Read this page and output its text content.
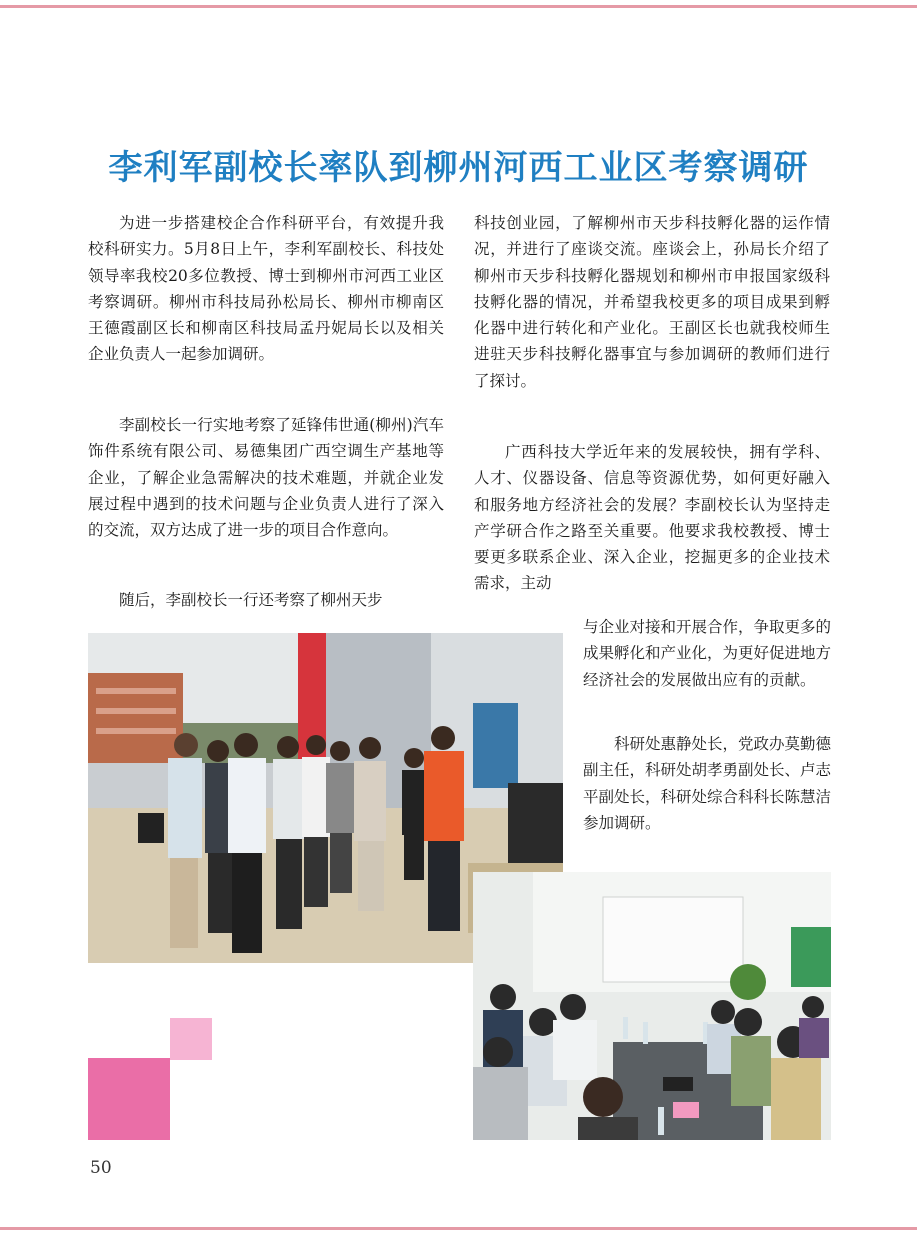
李利军副校长率队到柳州河西工业区考察调研

为进一步搭建校企合作科研平台，有效提升我校科研实力。5月8日上午，李利军副校长、科技处领导率我校20多位教授、博士到柳州市河西工业区考察调研。柳州市科技局孙松局长、柳州市柳南区王德霞副区长和柳南区科技局孟丹妮局长以及相关企业负责人一起参加调研。

李副校长一行实地考察了延锋伟世通(柳州)汽车饰件系统有限公司、易德集团广西空调生产基地等企业，了解企业急需解决的技术难题，并就企业发展过程中遇到的技术问题与企业负责人进行了深入的交流，双方达成了进一步的项目合作意向。

随后，李副校长一行还考察了柳州天步

科技创业园，了解柳州市天步科技孵化器的运作情况，并进行了座谈交流。座谈会上，孙局长介绍了柳州市天步科技孵化器规划和柳州市申报国家级科技孵化器的情况，并希望我校更多的项目成果到孵化器中进行转化和产业化。王副区长也就我校师生进驻天步科技孵化器事宜与参加调研的教师们进行了探讨。

广西科技大学近年来的发展较快，拥有学科、人才、仪器设备、信息等资源优势，如何更好融入和服务地方经济社会的发展？李副校长认为坚持走产学研合作之路至关重要。他要求我校教授、博士要更多联系企业、深入企业，挖掘更多的企业技术需求，主动

与企业对接和开展合作，争取更多的成果孵化和产业化，为更好促进地方经济社会的发展做出应有的贡献。

科研处惠静处长，党政办莫勤德副主任，科研处胡孝勇副处长、卢志平副处长，科研处综合科科长陈慧洁参加调研。

50
